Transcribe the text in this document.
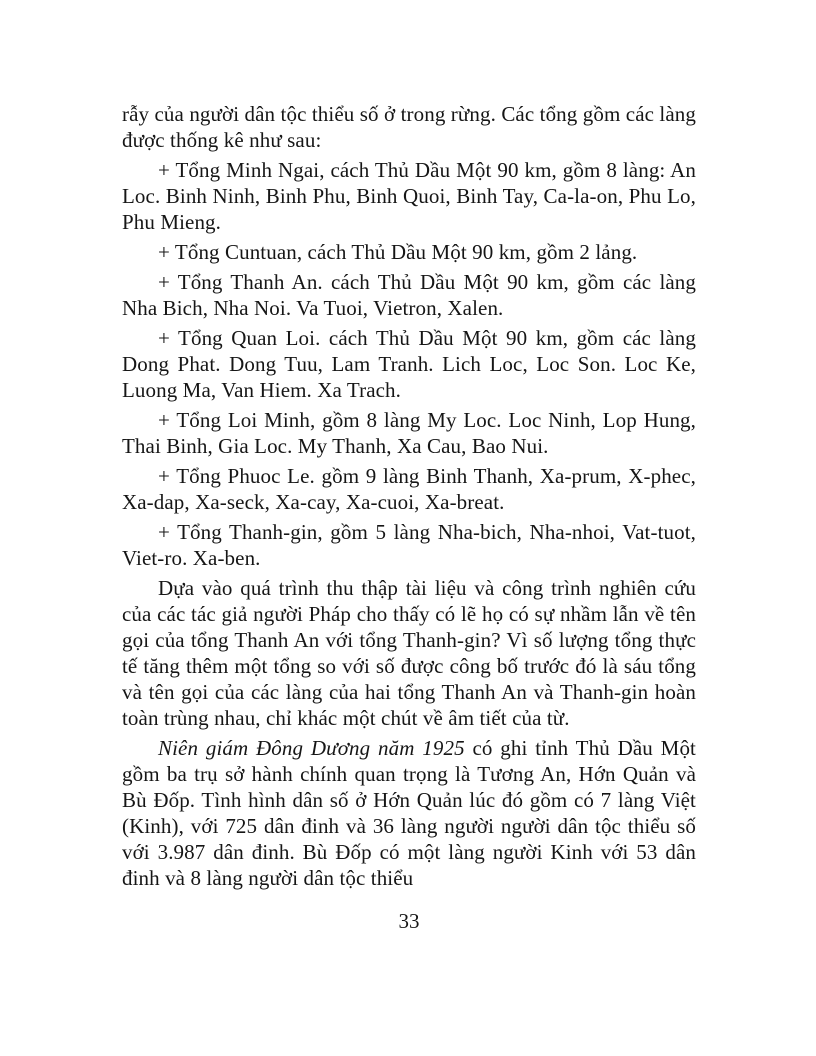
rẫy của người dân tộc thiểu số ở trong rừng. Các tổng gồm các làng được thống kê như sau:

+ Tổng Minh Ngai, cách Thủ Dầu Một 90 km, gồm 8 làng: An Loc. Binh Ninh, Binh Phu, Binh Quoi, Binh Tay, Ca-la-on, Phu Lo, Phu Mieng.

+ Tổng Cuntuan, cách Thủ Dầu Một 90 km, gồm 2 lảng.

+ Tổng Thanh An. cách Thủ Dầu Một 90 km, gồm các làng Nha Bich, Nha Noi. Va Tuoi, Vietron, Xalen.

+ Tổng Quan Loi. cách Thủ Dầu Một 90 km, gồm các làng Dong Phat. Dong Tuu, Lam Tranh. Lich Loc, Loc Son. Loc Ke, Luong Ma, Van Hiem. Xa Trach.

+ Tổng Loi Minh, gồm 8 làng My Loc. Loc Ninh, Lop Hung, Thai Binh, Gia Loc. My Thanh, Xa Cau, Bao Nui.

+ Tổng Phuoc Le. gồm 9 làng Binh Thanh, Xa-prum, X-phec, Xa-dap, Xa-seck, Xa-cay, Xa-cuoi, Xa-breat.

+ Tổng Thanh-gin, gồm 5 làng Nha-bich, Nha-nhoi, Vat-tuot, Viet-ro. Xa-ben.

Dựa vào quá trình thu thập tài liệu và công trình nghiên cứu của các tác giả người Pháp cho thấy có lẽ họ có sự nhầm lẫn về tên gọi của tổng Thanh An với tổng Thanh-gin? Vì số lượng tổng thực tế tăng thêm một tổng so với số được công bố trước đó là sáu tổng và tên gọi của các làng của hai tổng Thanh An và Thanh-gin hoàn toàn trùng nhau, chỉ khác một chút về âm tiết của từ.

Niên giám Đông Dương năm 1925 có ghi tỉnh Thủ Dầu Một gồm ba trụ sở hành chính quan trọng là Tương An, Hớn Quản và Bù Đốp. Tình hình dân số ở Hớn Quản lúc đó gồm có 7 làng Việt (Kinh), với 725 dân đinh và 36 làng người người dân tộc thiểu số với 3.987 dân đinh. Bù Đốp có một làng người Kinh với 53 dân đinh và 8 làng người dân tộc thiểu

33
